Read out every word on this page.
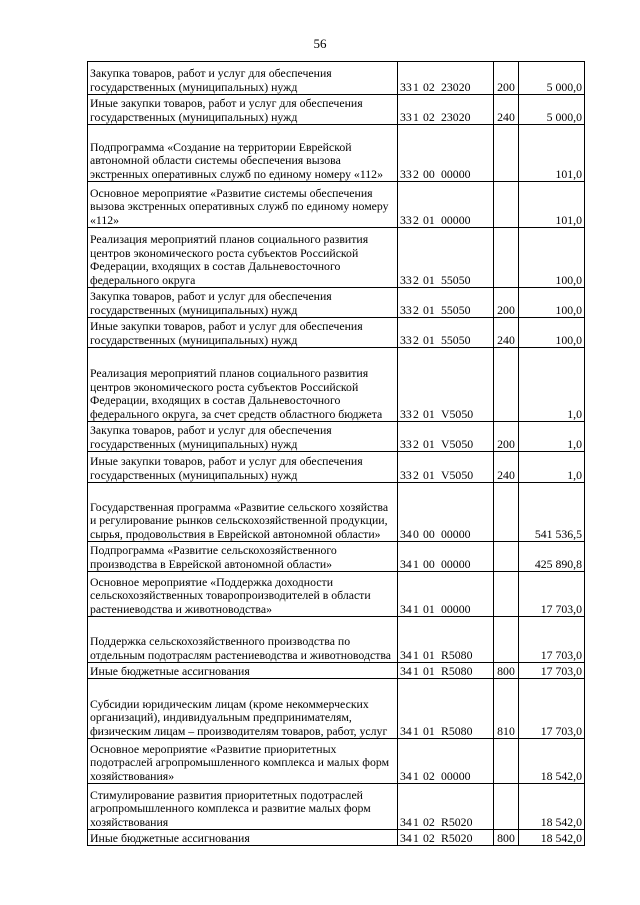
56
Закупка товаров, работ и услуг для обеспечения государственных (муниципальных) нужд	331 02 23020	200	5 000,0
Иные закупки товаров, работ и услуг для обеспечения государственных (муниципальных) нужд	331 02 23020	240	5 000,0
Подпрограмма «Создание на территории Еврейской автономной области системы обеспечения вызова экстренных оперативных служб по единому номеру «112»	332 00 00000		101,0
Основное мероприятие «Развитие системы обеспечения вызова экстренных оперативных служб по единому номеру «112»	332 01 00000		101,0
Реализация мероприятий планов социального развития центров экономического роста субъектов Российской Федерации, входящих в состав Дальневосточного федерального округа	332 01 55050		100,0
Закупка товаров, работ и услуг для обеспечения государственных (муниципальных) нужд	332 01 55050	200	100,0
Иные закупки товаров, работ и услуг для обеспечения государственных (муниципальных) нужд	332 01 55050	240	100,0
Реализация мероприятий планов социального развития центров экономического роста субъектов Российской Федерации, входящих в состав Дальневосточного федерального округа, за счет средств областного бюджета	332 01 V5050		1,0
Закупка товаров, работ и услуг для обеспечения государственных (муниципальных) нужд	332 01 V5050	200	1,0
Иные закупки товаров, работ и услуг для обеспечения государственных (муниципальных) нужд	332 01 V5050	240	1,0
Государственная программа «Развитие сельского хозяйства и регулирование рынков сельскохозяйственной продукции, сырья, продовольствия в Еврейской автономной области»	340 00 00000		541 536,5
Подпрограмма «Развитие сельскохозяйственного производства в Еврейской автономной области»	341 00 00000		425 890,8
Основное мероприятие «Поддержка доходности сельскохозяйственных товаропроизводителей в области растениеводства и животноводства»	341 01 00000		17 703,0
Поддержка сельскохозяйственного производства по отдельным подотраслям растениеводства и животноводства	341 01 R5080		17 703,0
Иные бюджетные ассигнования	341 01 R5080	800	17 703,0
Субсидии юридическим лицам (кроме некоммерческих организаций), индивидуальным предпринимателям, физическим лицам – производителям товаров, работ, услуг	341 01 R5080	810	17 703,0
Основное мероприятие «Развитие приоритетных подотраслей агропромышленного комплекса и малых форм хозяйствования»	341 02 00000		18 542,0
Стимулирование развития приоритетных подотраслей агропромышленного комплекса и развитие малых форм хозяйствования	341 02 R5020		18 542,0
Иные бюджетные ассигнования	341 02 R5020	800	18 542,0
